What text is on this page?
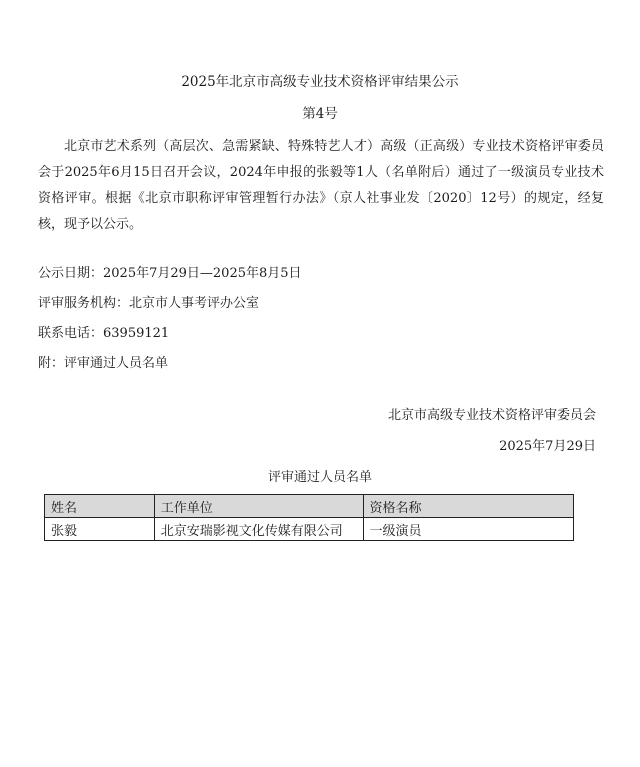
2025年北京市高级专业技术资格评审结果公示
第4号

北京市艺术系列（高层次、急需紧缺、特殊特艺人才）高级（正高级）专业技术资格评审委员会于2025年6月15日召开会议，2024年申报的张毅等1人（名单附后）通过了一级演员专业技术资格评审。根据《北京市职称评审管理暂行办法》（京人社事业发〔2020〕12号）的规定，经复核，现予以公示。

公示日期：2025年7月29日—2025年8月5日
评审服务机构：北京市人事考评办公室
联系电话：63959121
附：评审通过人员名单
北京市高级专业技术资格评审委员会
2025年7月29日
评审通过人员名单
姓名	工作单位	资格名称
张毅	北京安瑞影视文化传媒有限公司	一级演员
